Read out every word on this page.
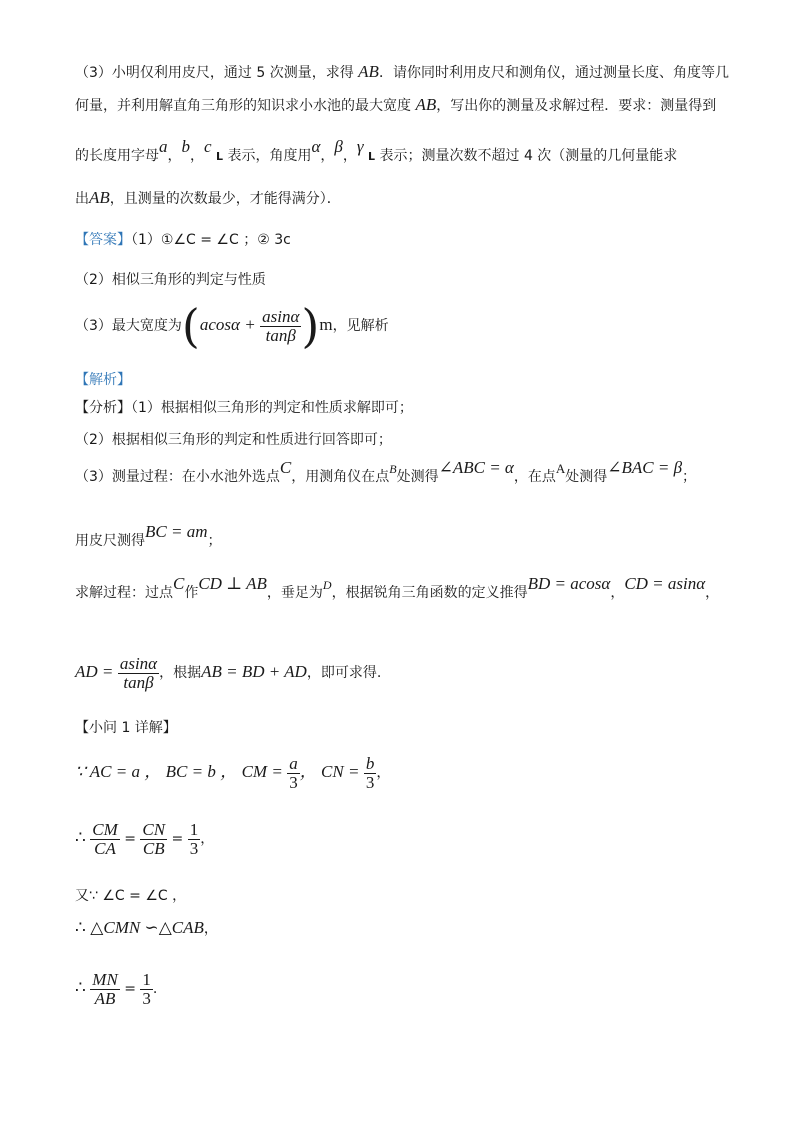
（3）小明仅利用皮尺，通过 5 次测量，求得 AB．请你同时利用皮尺和测角仪，通过测量长度、角度等几
何量，并利用解直角三角形的知识求小水池的最大宽度 AB，写出你的测量及求解过程．要求：测量得到
的长度用字母a，b，c L 表示，角度用α，β，γ L 表示；测量次数不超过 4 次（测量的几何量能求
出AB，且测量的次数最少，才能得满分）．
【答案】（1）①∠C = ∠C ；② 3c
（2）相似三角形的判定与性质
（3）最大宽度为$(acos\alpha + \frac{asin\alpha}{\tan\beta} )m$，见解析
【解析】
【分析】（1）根据相似三角形的判定和性质求解即可；
（2）根据相似三角形的判定和性质进行回答即可；
（3）测量过程：在小水池外选点C，用测角仪在点B处测得∠ABC = α，在点A处测得∠BAC = β；
用皮尺测得BC = am；
求解过程：过点C作CD ⊥ AB，垂足为D，根据锐角三角函数的定义推得BD = acosα，CD = asinα，
AD = $\frac{asin\alpha}{\tan\beta}$ ，根据AB = BD + AD，即可求得.
【小问 1 详解】
∵ AC = a ， BC = b ， CM = $\frac{a}{3}$ ， CN = $\frac{b}{3}$ ，
∴ $\frac{CM}{CA} = \frac{CN}{CB} = \frac{1}{3}$ ，
又∵ ∠C = ∠C ，
∴ △CMN ∽△CAB，
∴ $\frac{MN}{AB} = \frac{1}{3}$ .
